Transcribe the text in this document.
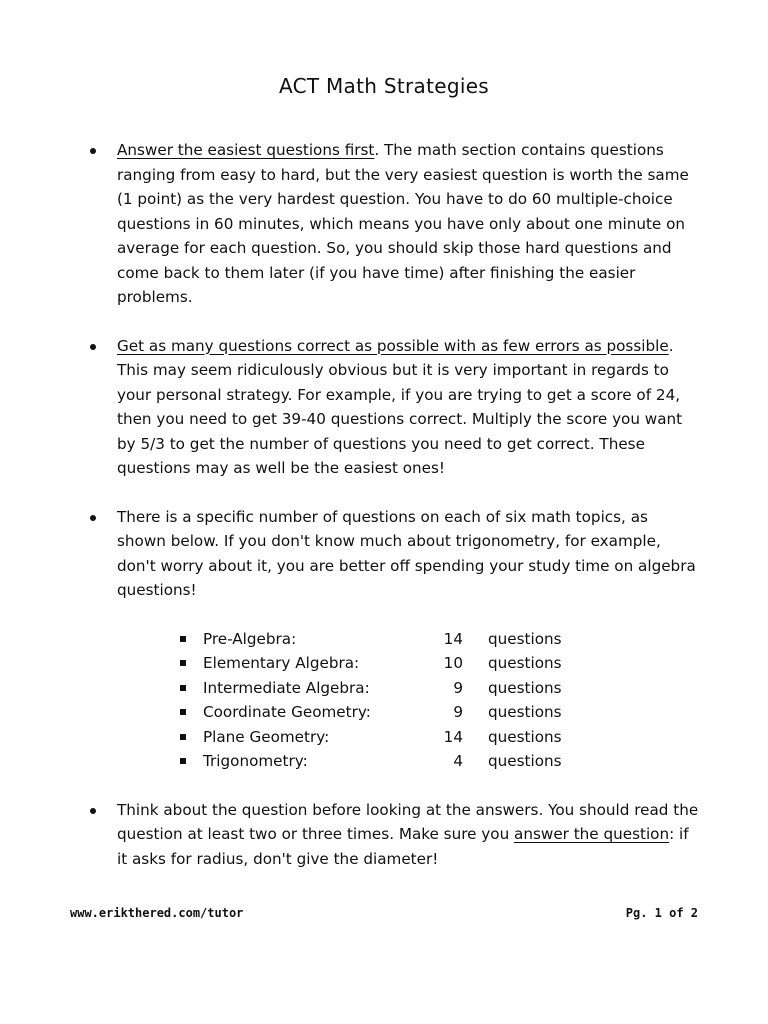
ACT Math Strategies
Answer the easiest questions first. The math section contains questions ranging from easy to hard, but the very easiest question is worth the same (1 point) as the very hardest question. You have to do 60 multiple-choice questions in 60 minutes, which means you have only about one minute on average for each question. So, you should skip those hard questions and come back to them later (if you have time) after finishing the easier problems.
Get as many questions correct as possible with as few errors as possible. This may seem ridiculously obvious but it is very important in regards to your personal strategy. For example, if you are trying to get a score of 24, then you need to get 39-40 questions correct. Multiply the score you want by 5/3 to get the number of questions you need to get correct. These questions may as well be the easiest ones!
There is a specific number of questions on each of six math topics, as shown below. If you don't know much about trigonometry, for example, don't worry about it, you are better off spending your study time on algebra questions!
Pre-Algebra:	14 questions
Elementary Algebra:	10 questions
Intermediate Algebra:	9 questions
Coordinate Geometry:	9 questions
Plane Geometry:	14 questions
Trigonometry:	4 questions
Think about the question before looking at the answers. You should read the question at least two or three times. Make sure you answer the question: if it asks for radius, don't give the diameter!
www.erikthered.com/tutor	Pg. 1 of 2
